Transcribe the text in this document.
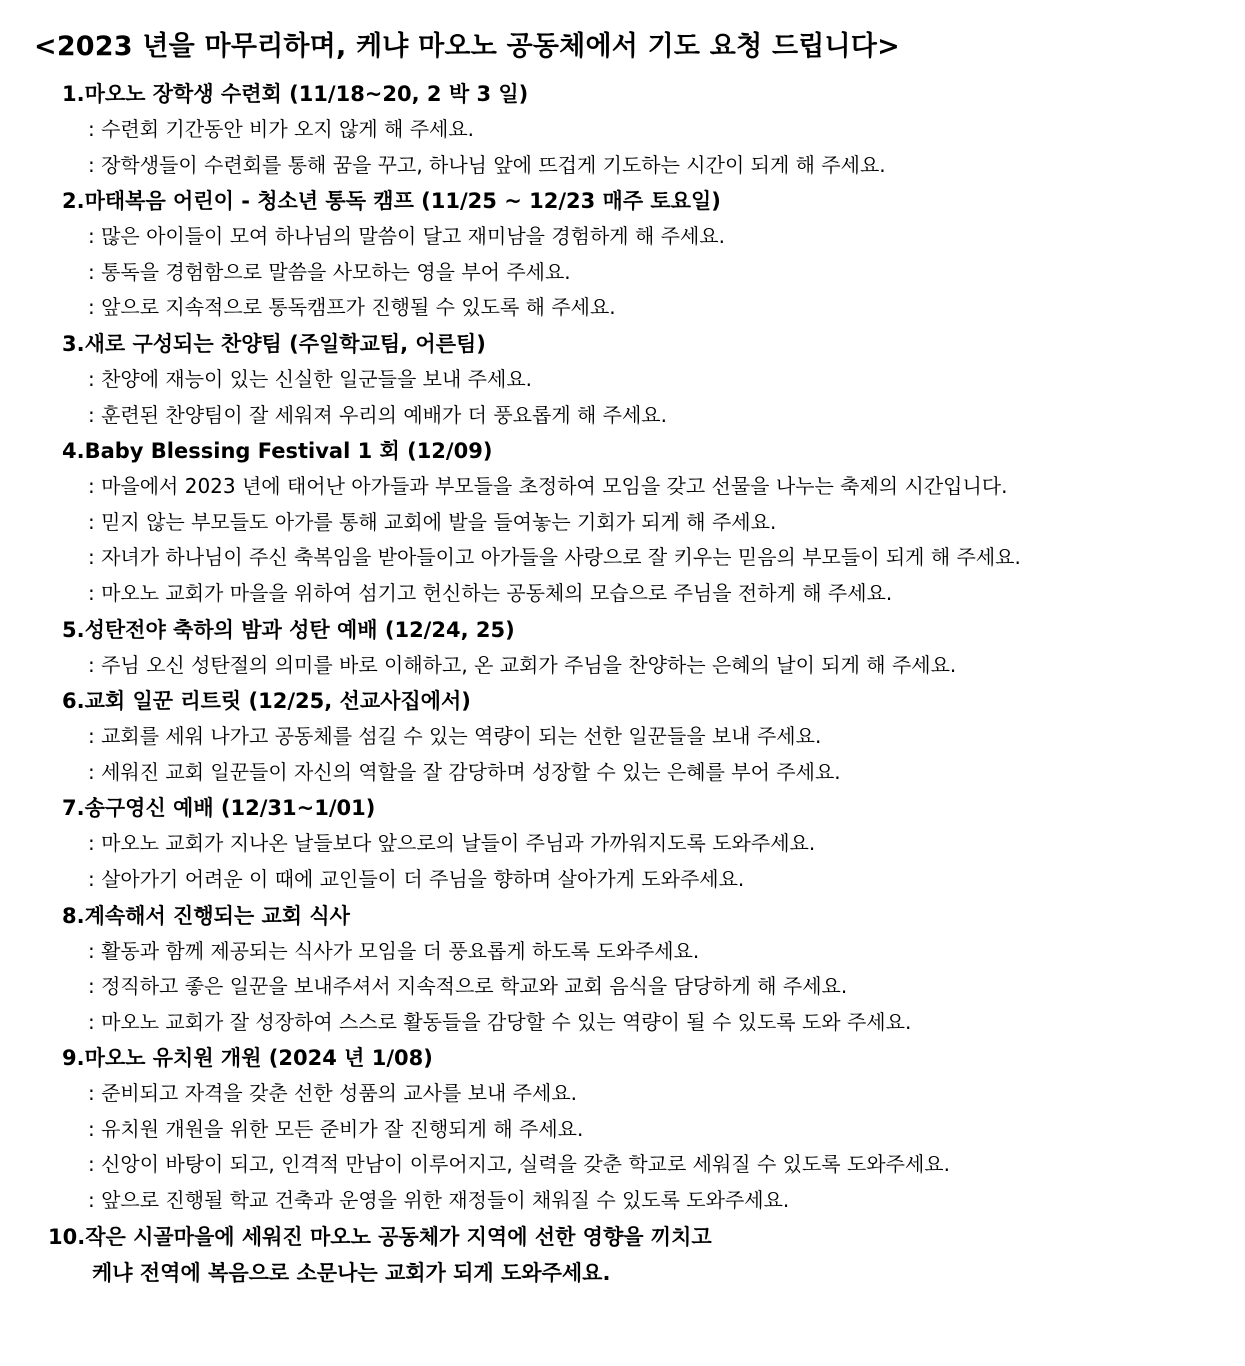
<2023 년을 마무리하며, 케냐 마오노 공동체에서 기도 요청 드립니다>
1.마오노 장학생 수련회 (11/18~20, 2 박 3 일)
: 수련회 기간동안 비가 오지 않게 해 주세요.
: 장학생들이 수련회를 통해 꿈을 꾸고, 하나님 앞에 뜨겁게 기도하는 시간이 되게 해 주세요.
2.마태복음 어린이 - 청소년 통독 캠프 (11/25 ~ 12/23 매주 토요일)
: 많은 아이들이 모여 하나님의 말씀이 달고 재미남을 경험하게 해 주세요.
: 통독을 경험함으로 말씀을 사모하는 영을 부어 주세요.
: 앞으로 지속적으로 통독캠프가 진행될 수 있도록 해 주세요.
3.새로 구성되는 찬양팀 (주일학교팀, 어른팀)
: 찬양에 재능이 있는 신실한 일군들을 보내 주세요.
: 훈련된 찬양팀이 잘 세워져 우리의 예배가 더 풍요롭게 해 주세요.
4.Baby Blessing Festival 1 회 (12/09)
: 마을에서 2023 년에 태어난 아가들과 부모들을 초정하여 모임을 갖고 선물을 나누는 축제의 시간입니다.
: 믿지 않는 부모들도 아가를 통해 교회에 발을 들여놓는 기회가 되게 해 주세요.
: 자녀가 하나님이 주신 축복임을 받아들이고 아가들을 사랑으로 잘 키우는 믿음의 부모들이 되게 해 주세요.
: 마오노 교회가 마을을 위하여 섬기고 헌신하는 공동체의 모습으로 주님을 전하게 해 주세요.
5.성탄전야 축하의 밤과 성탄 예배 (12/24, 25)
: 주님 오신 성탄절의 의미를 바로 이해하고, 온 교회가 주님을 찬양하는 은혜의 날이 되게 해 주세요.
6.교회 일꾼 리트릿 (12/25, 선교사집에서)
: 교회를 세워 나가고 공동체를 섬길 수 있는 역량이 되는 선한 일꾼들을 보내 주세요.
: 세워진 교회 일꾼들이 자신의 역할을 잘 감당하며 성장할 수 있는 은혜를 부어 주세요.
7.송구영신 예배 (12/31~1/01)
: 마오노 교회가 지나온 날들보다 앞으로의 날들이 주님과 가까워지도록 도와주세요.
: 살아가기 어려운 이 때에 교인들이 더 주님을 향하며 살아가게 도와주세요.
8.계속해서 진행되는 교회 식사
: 활동과 함께 제공되는 식사가 모임을 더 풍요롭게 하도록 도와주세요.
: 정직하고 좋은 일꾼을 보내주셔서 지속적으로 학교와 교회 음식을 담당하게 해 주세요.
: 마오노 교회가 잘 성장하여 스스로 활동들을 감당할 수 있는 역량이 될 수 있도록 도와 주세요.
9.마오노 유치원 개원 (2024 년 1/08)
: 준비되고 자격을 갖춘 선한 성품의 교사를 보내 주세요.
: 유치원 개원을 위한 모든 준비가 잘 진행되게 해 주세요.
: 신앙이 바탕이 되고, 인격적 만남이 이루어지고, 실력을 갖춘 학교로 세워질 수 있도록 도와주세요.
: 앞으로 진행될 학교 건축과 운영을 위한 재정들이 채워질 수 있도록 도와주세요.
10.작은 시골마을에 세워진 마오노 공동체가 지역에 선한 영향을 끼치고
케냐 전역에 복음으로 소문나는 교회가 되게 도와주세요.
